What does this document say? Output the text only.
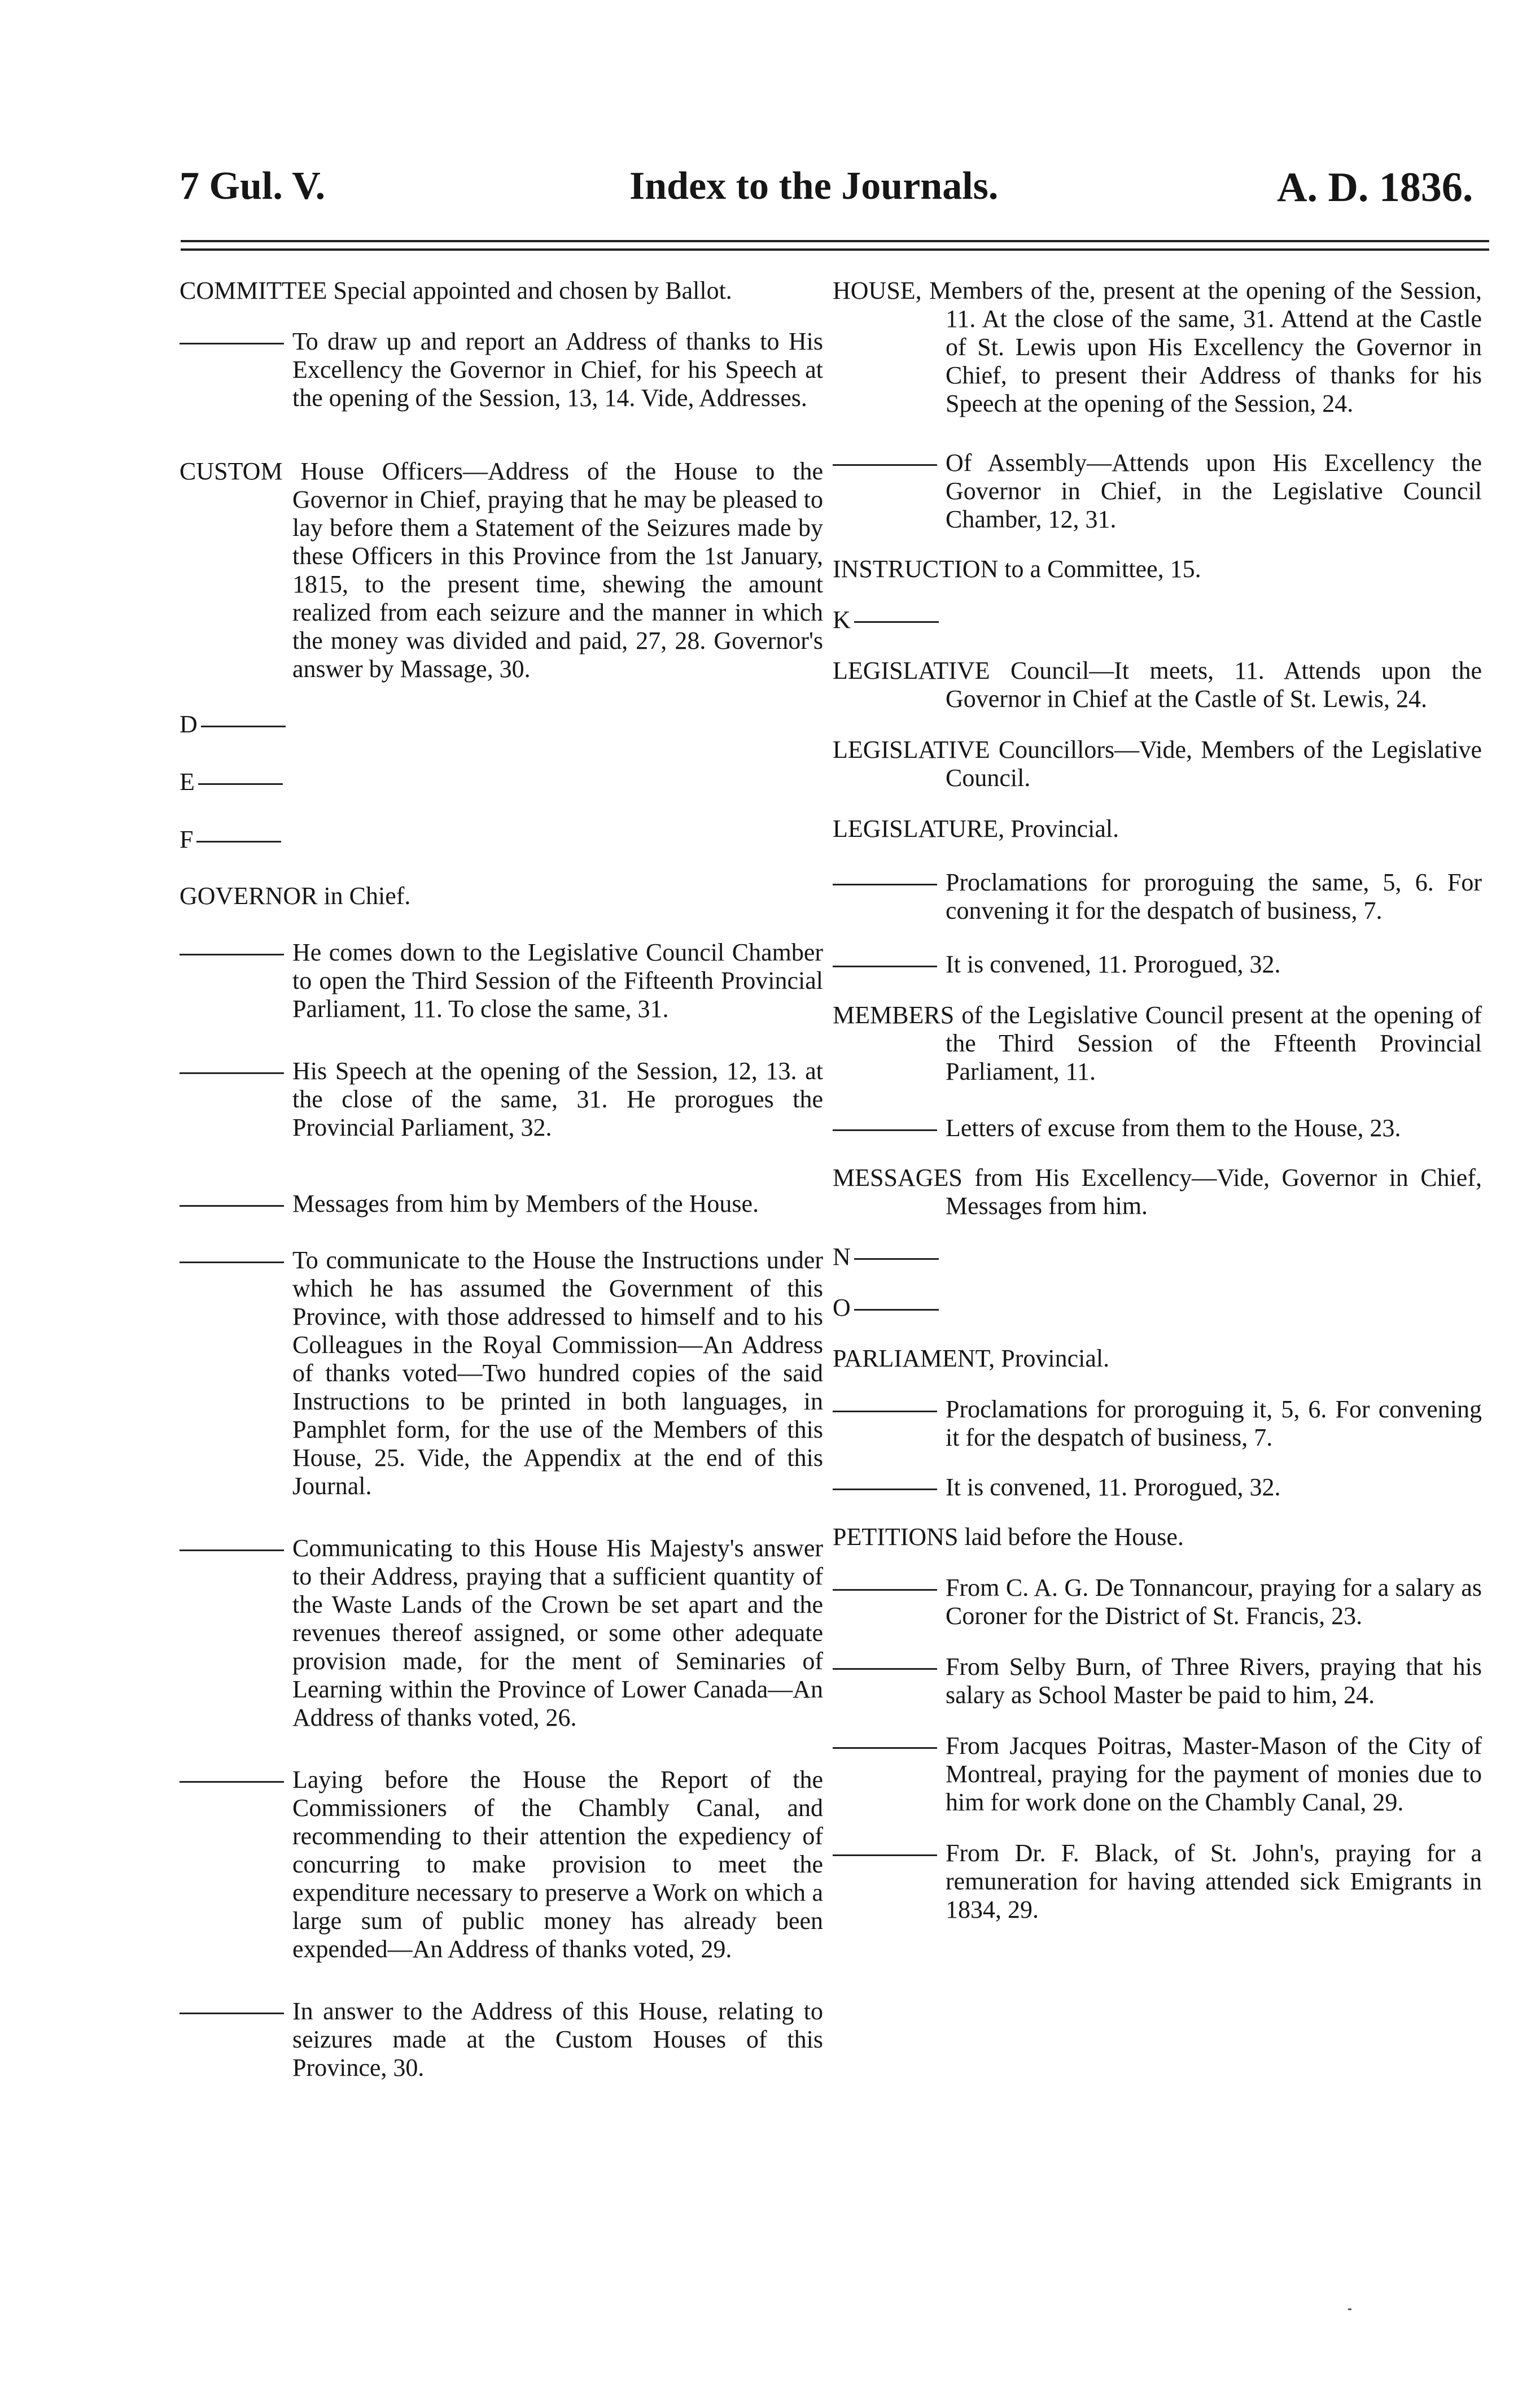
7 Gul. V.	Index to the Journals.	A. D. 1836.
COMMITTEE Special appointed and chosen by Ballot.
To draw up and report an Address of thanks to His Excellency the Governor in Chief, for his Speech at the opening of the Session, 13, 14. Vide, Addresses.
CUSTOM House Officers—Address of the House to the Governor in Chief, praying that he may be pleased to lay before them a Statement of the Seizures made by these Officers in this Province from the 1st January, 1815, to the present time, shewing the amount realized from each seizure and the manner in which the money was divided and paid, 27, 28. Governor's answer by Massage, 30.
D
E
F
GOVERNOR in Chief.
He comes down to the Legislative Council Chamber to open the Third Session of the Fifteenth Provincial Parliament, 11. To close the same, 31.
His Speech at the opening of the Session, 12, 13. at the close of the same, 31. He prorogues the Provincial Parliament, 32.
Messages from him by Members of the House.
To communicate to the House the Instructions under which he has assumed the Government of this Province, with those addressed to himself and to his Colleagues in the Royal Commission—An Address of thanks voted—Two hundred copies of the said Instructions to be printed in both languages, in Pamphlet form, for the use of the Members of this House, 25. Vide, the Appendix at the end of this Journal.
Communicating to this House His Majesty's answer to their Address, praying that a sufficient quantity of the Waste Lands of the Crown be set apart and the revenues thereof assigned, or some other adequate provision made, for the ment of Seminaries of Learning within the Province of Lower Canada—An Address of thanks voted, 26.
Laying before the House the Report of the Commissioners of the Chambly Canal, and recommending to their attention the expediency of concurring to make provision to meet the expenditure necessary to preserve a Work on which a large sum of public money has already been expended—An Address of thanks voted, 29.
In answer to the Address of this House, relating to seizures made at the Custom Houses of this Province, 30.
HOUSE, Members of the, present at the opening of the Session, 11. At the close of the same, 31. Attend at the Castle of St. Lewis upon His Excellency the Governor in Chief, to present their Address of thanks for his Speech at the opening of the Session, 24.
Of Assembly—Attends upon His Excellency the Governor in Chief, in the Legislative Council Chamber, 12, 31.
INSTRUCTION to a Committee, 15.
K
LEGISLATIVE Council—It meets, 11. Attends upon the Governor in Chief at the Castle of St. Lewis, 24.
LEGISLATIVE Councillors—Vide, Members of the Legislative Council.
LEGISLATURE, Provincial.
Proclamations for proroguing the same, 5, 6. For convening it for the despatch of business, 7.
It is convened, 11. Prorogued, 32.
MEMBERS of the Legislative Council present at the opening of the Third Session of the Ffteenth Provincial Parliament, 11.
Letters of excuse from them to the House, 23.
MESSAGES from His Excellency—Vide, Governor in Chief, Messages from him.
N
O
PARLIAMENT, Provincial.
Proclamations for proroguing it, 5, 6. For convening it for the despatch of business, 7.
It is convened, 11. Prorogued, 32.
PETITIONS laid before the House.
From C. A. G. De Tonnancour, praying for a salary as Coroner for the District of St. Francis, 23.
From Selby Burn, of Three Rivers, praying that his salary as School Master be paid to him, 24.
From Jacques Poitras, Master-Mason of the City of Montreal, praying for the payment of monies due to him for work done on the Chambly Canal, 29.
From Dr. F. Black, of St. John's, praying for a remuneration for having attended sick Emigrants in 1834, 29.
